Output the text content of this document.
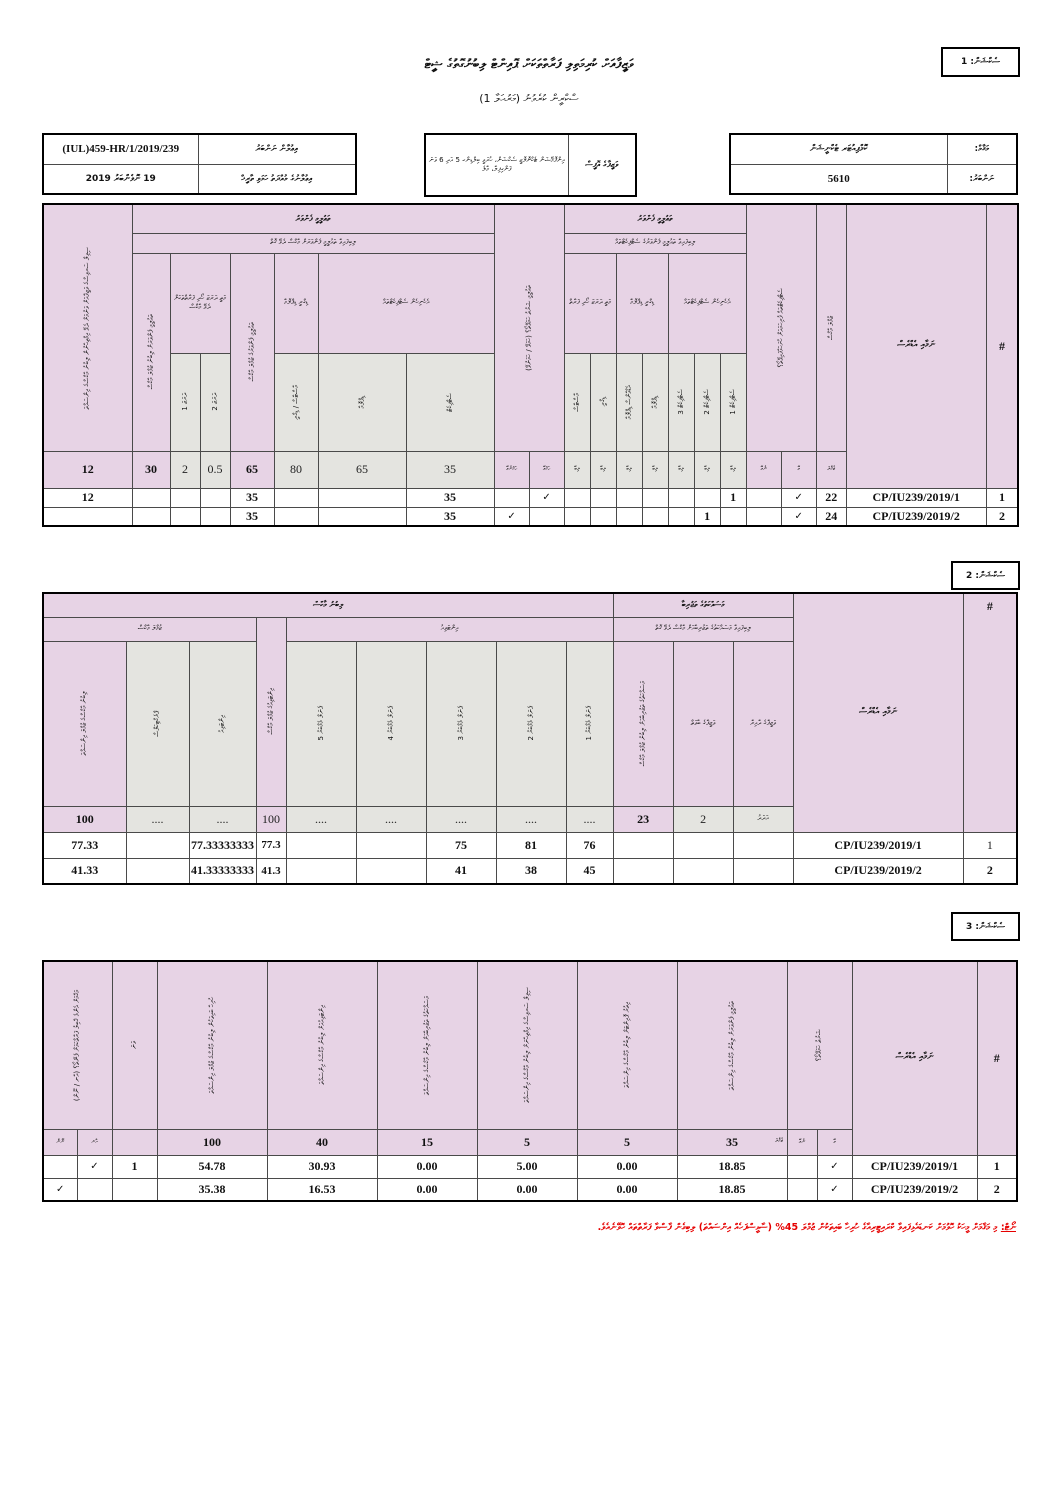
ސެކްޝަން: 1
ސެކްޝަން: 2
ސެކްޝަން: 3
ވަޒީފާއަށް ކުރިމަތިލި ފަރާތްތަކަށް ޕޮއިންޓް ލިބުނުގޮތުގެ ޝީޓް
ސްކްރީން ކުރެވުނު (މަރުޙަލާ 1)
(IUL)459-HR/1/2019/239	އިޢުލާން ނަންބަރު
19 ނޮވެންބަރު 2019	އިޢުލާނުގެ މުއްދަތު ހަމަވި ތާރީޚް
އިންފޮމޭޝަން ޓެކްނޮލޮޖީ ސެކްޝަން، ހުރަވީ ބިލްޑިންގ 5 އަދި 6 ވަނަ ފަންގިފިލާ، މާލެ	ވަޒީފާގެ އޮފީސް
ކޮމްޕިއުޓަރ ޓެކްނީޝަން	މަޤާމް:
5610	ނަންބަރު:
ސިވިލް ސަރވިސްގެ ވަޒީފާއަށް ވަނުމަށް ދެވޭ އިމްތިޙާނުން ލިބުނު މާކްސްގެ އިންސައްތަ	ތަޢުލީމީ ފެންވަރު							ތަޢުލީމީ ޝަރުޠު ހަމަވޭތޯ؟ (ހަމަވޭ / ހަމަނުވޭ)		ތަޢުލީމީ ފެންވަރު							ސެޓްފިކެޓްތައް ފުރިހަމައަށް ހުށަހަޅާފައިވޭތޯ؟		ޖުމްލަ މާކްސް	ނަމާއި އެޑްރެސް	#
	ލިބިފައިވާ ތަޢުލީމީ ފެންވަރަށް މާކްސް ދެވޭ ގޮތް									ލިބިފައިވާ ތަޢުލީމީ ފެންވަރުގެ ސެޓްފިކެޓްތައް											

	ތަޢުލީމީ ފެންވަރަށް ލިބުނު ޖުމްލަ މާކްސް	މަތީ ދަރަޖަ ހޯދި ފަރާތްތަކަށް ދެވޭ މާކްސް		ތަޢުލީމީ ފެންވަރުގެ ޖުމްލަ މާކްސް	ޑިގްރީ ޑިޕްލޮމާ	އެހެނިހެން ސެޓްފިކެޓްތައް				މަތީ ދަރަޖަ ހޯދި ފަރާތް		ޑިގްރީ ޑިޕްލޮމާ		އެހެނިހެން ސެޓްފިކެޓްތައް							

		ދަރަޖަ 1	ދަރަޖަ 2		މާސްޓާސް / ޑިގްރީ	ޑިޕްލޮމާ	ސެޓްފިކެޓް			މާސްޓާސް	ޑިގްރީ	އެޑްވާންސް ޑިޕްލޮމާ	ޑިޕްލޮމާ	ސެޓްފިކެޓް 3	ސެޓްފިކެޓް 2	ސެޓްފިކެޓް 1					

12	30	2	0.5	65	80	65	35	ހަމަނުވޭ	ހަމަވޭ	ލިބޭ	ލިބޭ	ލިބޭ	ލިބޭ	ލިބޭ	ލިބޭ	ލިބޭ	ނުވޭ	ވޭ	ޖުމްލަ		
12				35			35		✓							1		✓	22	CP/IU239/2019/1	1
				35			35	✓							1			✓	24	CP/IU239/2019/2	2
ލިބުނު މާކްސް									މަސައްކަތުގެ ތަޖުރިބާ			ނަމާއި އެޑްރެސް	#
ޖުމްލަ މާކްސް			އިންޓަވިއުގެ ޖުމްލަ މާކްސް	އިންޓަވިއު					ލިބިފައިވާ މަސައްކަތުގެ ތަޖުރިބާއަށް މާކްސް ދެވޭ ގޮތް				

ލިބުނު މާކްސްގެ ޖުމްލަ އިންސައްތަ	ޕްރެކްޓިކަލްސް	އިންޓަވިއު		ޕެނަލް މެމްބަރު 5	ޕެނަލް މެމްބަރު 4	ޕެނަލް މެމްބަރު 3	ޕެނަލް މެމްބަރު 2	ޕެނަލް މެމްބަރު 1	މަސައްކަތުގެ ތަޖުރިބާއަށް ލިބުނު ޖުމްލަ މާކްސް	ވަޒީފާގެ ބާވަތް	ވަޒީފާގެ ދާއިރާ		
100	....	....	100	....	....	....	....	....	23	2	އަދަދު		
77.33		77.33333333	77.3			75	81	76				CP/IU239/2019/1	1
41.33		41.33333333	41.3			41	38	45				CP/IU239/2019/2	2
މަޤާމަށް އެންމެ ޤާބިލު ފަރާތްކަމަށް ފެނޭތޯ؟ (އާނ / ނޫން)		ވަނަ	ހުރިހާ ބައިތަކުން ލިބުނު މާކްސްގެ ޖުމްލަ އިންސައްތަ	އިންޓަވިއުއަށް ލިބުނު މާކްސްގެ އިންސައްތަ	މަސައްކަތުގެ ތަޖުރިބާއަށް ލިބުނު މާކްސްގެ އިންސައްތަ	ސިވިލް ސަރވިސްގެ އިމްތިޙާނަށް ލިބުނު މާކްސްގެ އިންސައްތަ	އިތުރު ޕޮއިންޓަށް ލިބުނު މާކްސްގެ އިންސައްތަ	ތަޢުލީމީ ފެންވަރަށް ލިބުނު މާކްސްގެ އިންސައްތަ	ޝަރުޠު ހަމަވޭތޯ؟		ނަމާއި އެޑްރެސް	#
ނޫން	އާނ		100	40	15	5	5	35 ޖުމްލަ	ނުވޭ	ވޭ		
	✓	1	54.78	30.93	0.00	5.00	0.00	18.85		✓	CP/IU239/2019/1	1
✓			35.38	16.53	0.00	0.00	0.00	18.85		✓	CP/IU239/2019/2	2
ނޯޓް: މި މަޤާމަށް މީހަކު ހޮވުމަށް ކަނޑައެޅިފައިވާ ކްރައިޓީރިއާގެ ހުރިހާ ބައިތަކުން ޖުމްލަ 45% (ސާޅީސްފަހެއް އިންސައްތަ) ލިބިގެން ފާސްވާ ފަރާތްތައް ހޮވޭނެއެވެ.
